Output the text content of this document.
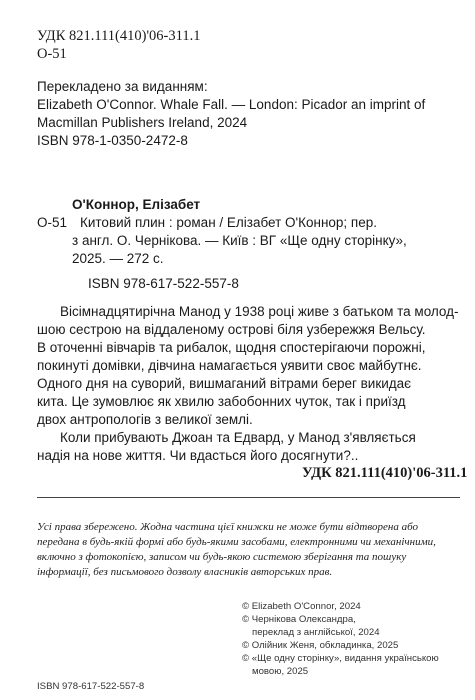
УДК 821.111(410)'06-311.1
О-51
Перекладено за виданням:
Elizabeth O'Connor. Whale Fall. — London: Picador an imprint of
Macmillan Publishers Ireland, 2024
ISBN 978-1-0350-2472-8
О'Коннор, Елізабет
О-51 Китовий плин : роман / Елізабет О'Коннор; пер.
з англ. О. Чернікова. — Київ : ВГ «Ще одну сторінку»,
2025. — 272 с.
ISBN 978-617-522-557-8
Вісімнадцятирічна Манод у 1938 році живе з батьком та молод-
шою сестрою на віддаленому острові біля узбережжя Вельсу.
В оточенні вівчарів та рибалок, щодня спостерігаючи порожні,
покинуті домівки, дівчина намагається уявити своє майбутнє.
Одного дня на суворий, вишмаганий вітрами берег викидає
кита. Це зумовлює як хвилю забобонних чуток, так і приїзд
двох антропологів з великої землі.
Коли прибувають Джоан та Едвард, у Манод з'являється
надія на нове життя. Чи вдасться його досягнути?..
УДК 821.111(410)'06-311.1
Усі права збережено. Жодна частина цієї книжки не може бути відтворена або
передана в будь-якій формі або будь-якими засобами, електронними чи механічними,
включно з фотокопією, записом чи будь-якою системою зберігання та пошуку
інформації, без письмового дозволу власників авторських прав.
ISBN 978-617-522-557-8
© Elizabeth O'Connor, 2024
© Чернікова Олександра,
переклад з англійської, 2024
© Олійник Женя, обкладинка, 2025
© «Ще одну сторінку», видання українською
мовою, 2025
